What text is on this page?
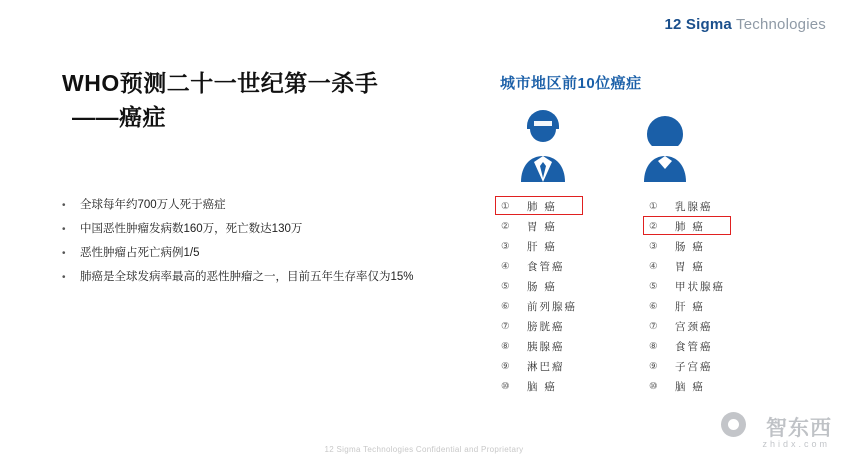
12 Sigma Technologies
WHO预测二十一世纪第一杀手
——癌症
•	全球每年约700万人死于癌症
•	中国恶性肿瘤发病数160万，死亡数达130万
•	恶性肿瘤占死亡病例1/5
•	肺癌是全球发病率最高的恶性肿瘤之一，目前五年生存率仅为15%
城市地区前10位癌症
①	肺 癌
②	胃 癌
③	肝 癌
④	食管癌
⑤	肠 癌
⑥	前列腺癌
⑦	膀胱癌
⑧	胰腺癌
⑨	淋巴瘤
⑩	脑 癌
①	乳腺癌
②	肺 癌
③	肠 癌
④	胃 癌
⑤	甲状腺癌
⑥	肝 癌
⑦	宫颈癌
⑧	食管癌
⑨	子宫癌
⑩	脑 癌
12 Sigma Technologies Confidential and Proprietary
智东西
zhidx.com
